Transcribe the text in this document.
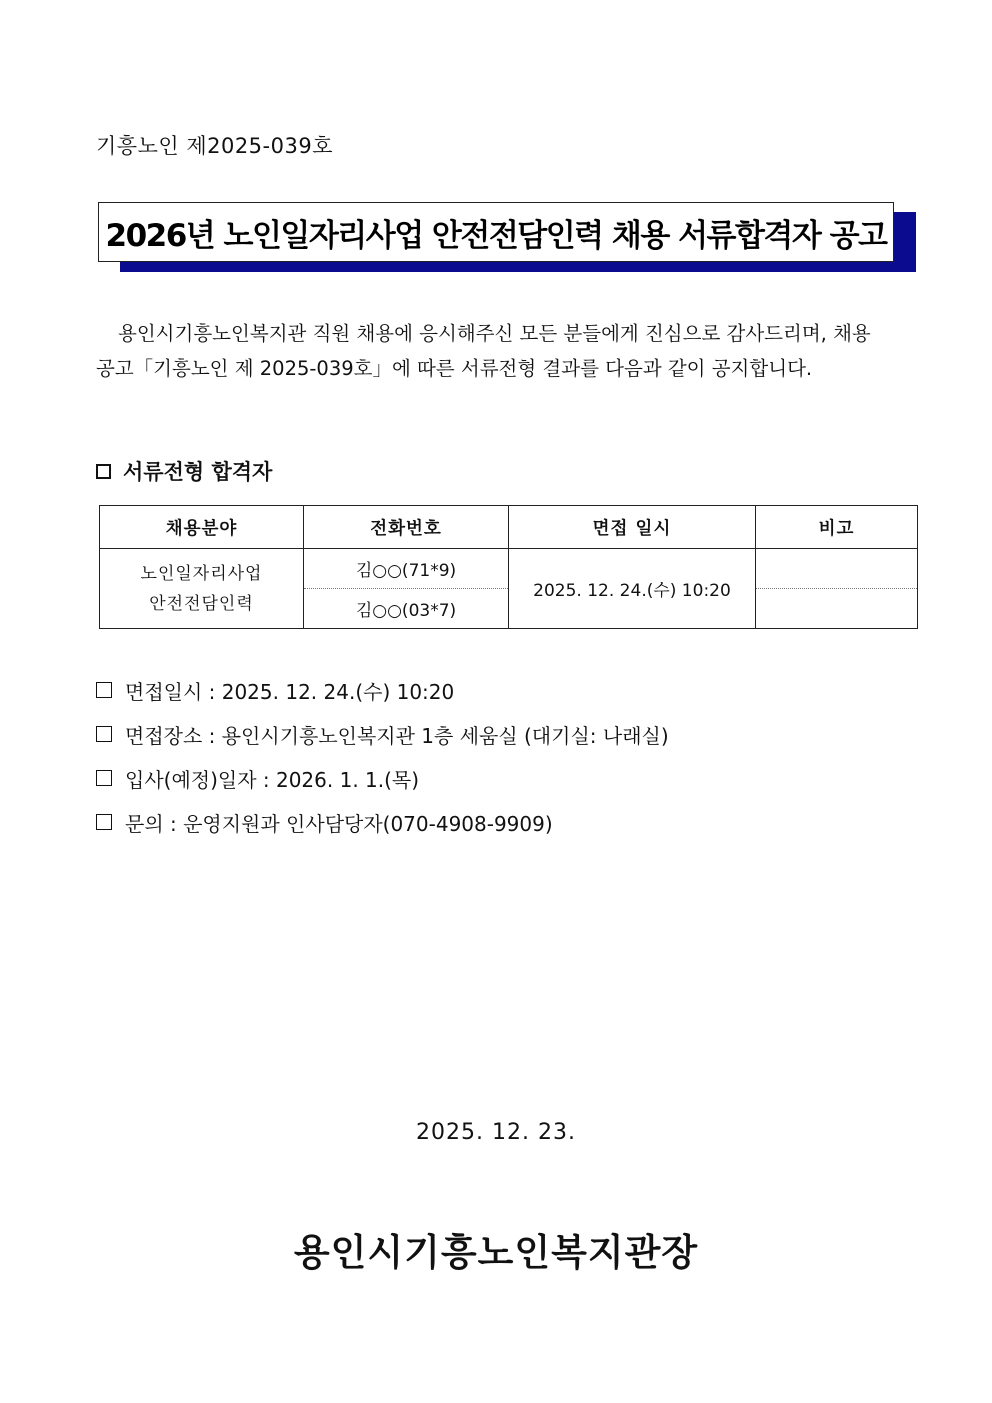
기흥노인 제2025-039호
2026년 노인일자리사업 안전전담인력 채용 서류합격자 공고
용인시기흥노인복지관 직원 채용에 응시해주신 모든 분들에게 진심으로 감사드리며, 채용
공고「기흥노인 제 2025-039호」에 따른 서류전형 결과를 다음과 같이 공지합니다.
서류전형 합격자
채용분야	전화번호	면접 일시	비고

노인일자리사업
안전전담인력	김○○(71*9)	2025. 12. 24.(수) 10:20	
	김○○(03*7)		
면접일시 : 2025. 12. 24.(수) 10:20
면접장소 : 용인시기흥노인복지관 1층 세움실 (대기실: 나래실)
입사(예정)일자 : 2026. 1. 1.(목)
문의 : 운영지원과 인사담당자(070-4908-9909)
2025. 12. 23.
용인시기흥노인복지관장
